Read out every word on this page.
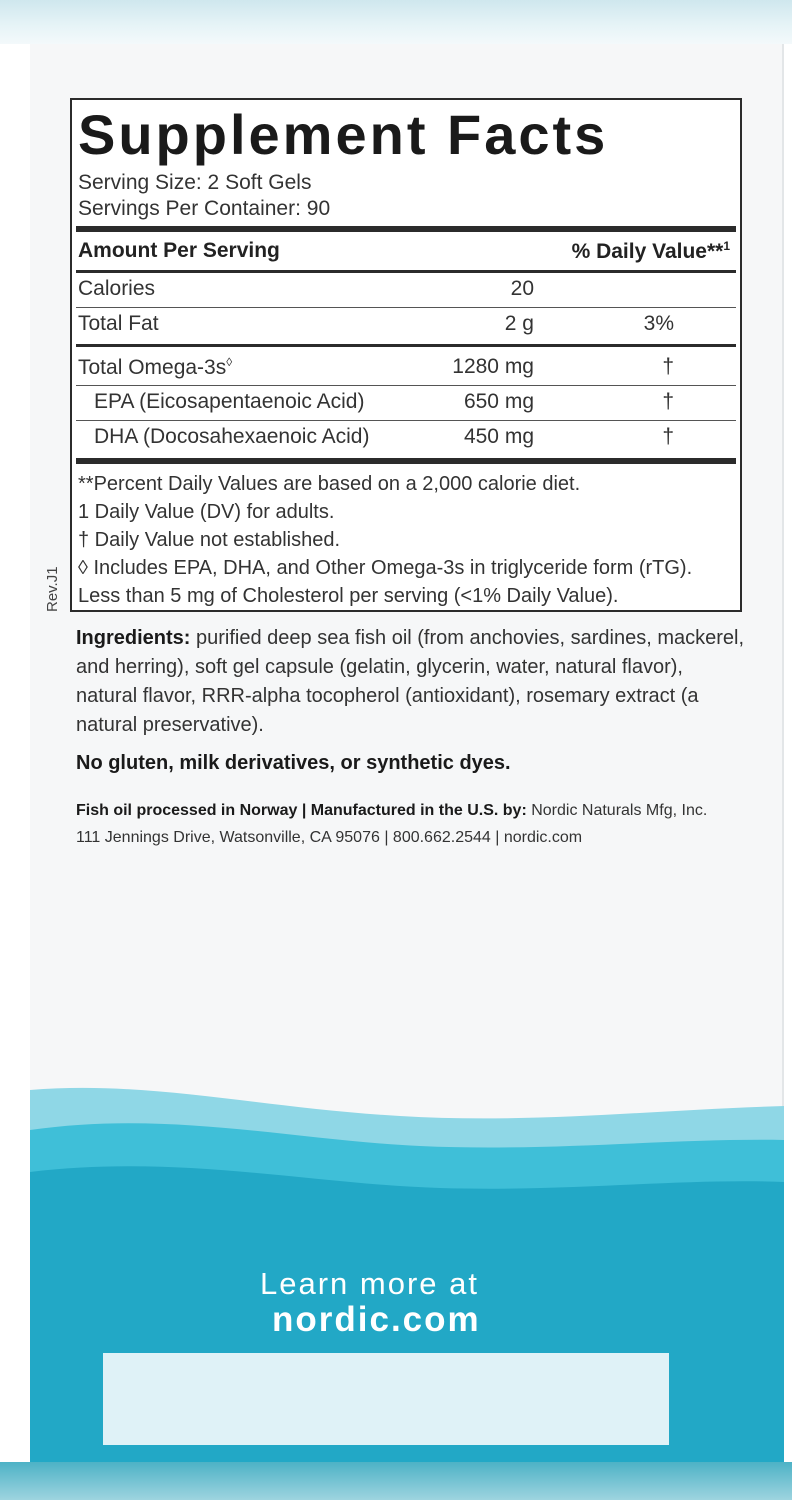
Supplement Facts
Serving Size: 2 Soft Gels
Servings Per Container: 90
Amount Per Serving	% Daily Value**$^1$
Calories	20
Total Fat	2 g	3%
Total Omega-3s◊	1280 mg	†
EPA (Eicosapentaenoic Acid)	650 mg	†
DHA (Docosahexaenoic Acid)	450 mg	†
**Percent Daily Values are based on a 2,000 calorie diet.
1 Daily Value (DV) for adults.
† Daily Value not established.
◊ Includes EPA, DHA, and Other Omega-3s in triglyceride form (rTG).
Less than 5 mg of Cholesterol per serving (<1% Daily Value).
Rev.J1
Ingredients: purified deep sea fish oil (from anchovies, sardines, mackerel, and herring), soft gel capsule (gelatin, glycerin, water, natural flavor), natural flavor, RRR-alpha tocopherol (antioxidant), rosemary extract (a natural preservative).
No gluten, milk derivatives, or synthetic dyes.
Fish oil processed in Norway | Manufactured in the U.S. by: Nordic Naturals Mfg, Inc.
111 Jennings Drive, Watsonville, CA 95076 | 800.662.2544 | nordic.com
Learn more at
nordic.com
